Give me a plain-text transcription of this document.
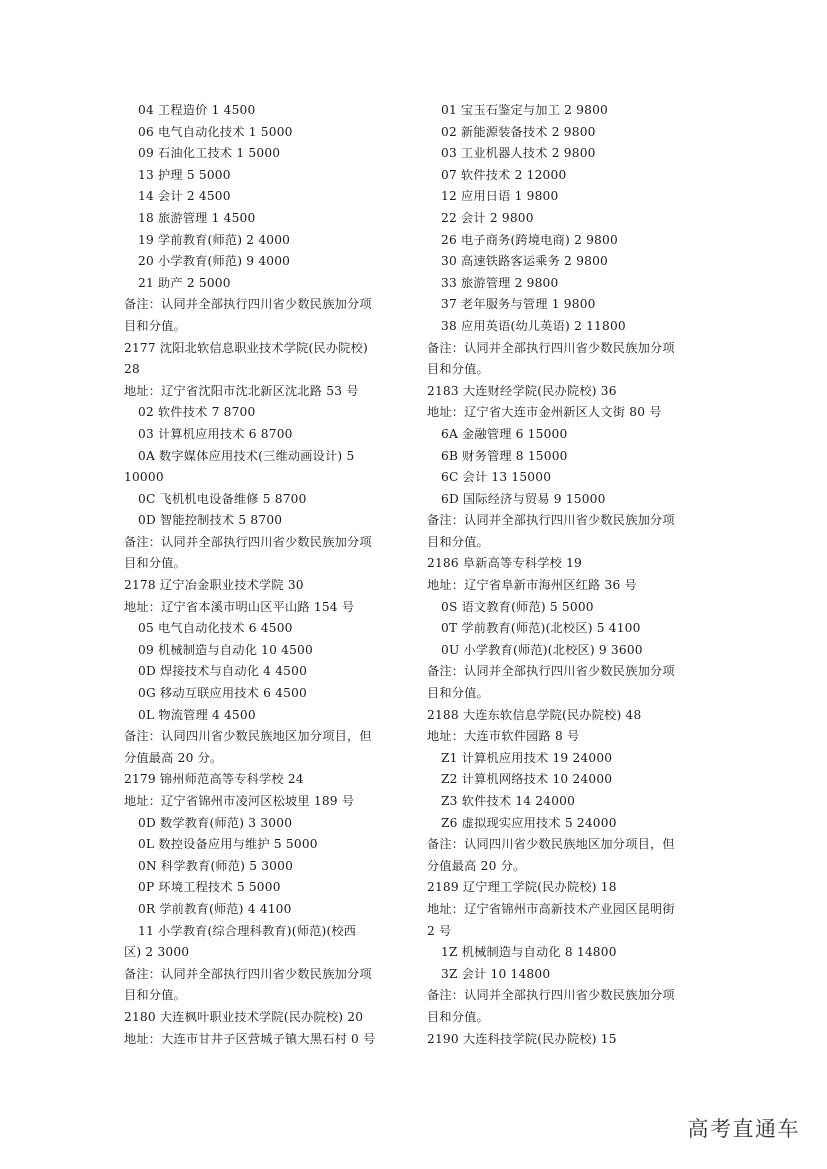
04 工程造价 1 4500
06 电气自动化技术 1 5000
09 石油化工技术 1 5000
13 护理 5 5000
14 会计 2 4500
18 旅游管理 1 4500
19 学前教育(师范) 2 4000
20 小学教育(师范) 9 4000
21 助产 2 5000
备注：认同并全部执行四川省少数民族加分项
目和分值。
2177 沈阳北软信息职业技术学院(民办院校)
28
地址：辽宁省沈阳市沈北新区沈北路 53 号
02 软件技术 7 8700
03 计算机应用技术 6 8700
0A 数字媒体应用技术(三维动画设计) 5
10000
0C 飞机机电设备维修 5 8700
0D 智能控制技术 5 8700
备注：认同并全部执行四川省少数民族加分项
目和分值。
2178 辽宁冶金职业技术学院 30
地址：辽宁省本溪市明山区平山路 154 号
05 电气自动化技术 6 4500
09 机械制造与自动化 10 4500
0D 焊接技术与自动化 4 4500
0G 移动互联应用技术 6 4500
0L 物流管理 4 4500
备注：认同四川省少数民族地区加分项目，但
分值最高 20 分。
2179 锦州师范高等专科学校 24
地址：辽宁省锦州市凌河区松坡里 189 号
0D 数学教育(师范) 3 3000
0L 数控设备应用与维护 5 5000
0N 科学教育(师范) 5 3000
0P 环境工程技术 5 5000
0R 学前教育(师范) 4 4100
11 小学教育(综合理科教育)(师范)(校西
区) 2 3000
备注：认同并全部执行四川省少数民族加分项
目和分值。
2180 大连枫叶职业技术学院(民办院校) 20
地址：大连市甘井子区营城子镇大黑石村 0 号
01 宝玉石鉴定与加工 2 9800
02 新能源装备技术 2 9800
03 工业机器人技术 2 9800
07 软件技术 2 12000
12 应用日语 1 9800
22 会计 2 9800
26 电子商务(跨境电商) 2 9800
30 高速铁路客运乘务 2 9800
33 旅游管理 2 9800
37 老年服务与管理 1 9800
38 应用英语(幼儿英语) 2 11800
备注：认同并全部执行四川省少数民族加分项
目和分值。
2183 大连财经学院(民办院校) 36
地址：辽宁省大连市金州新区人文街 80 号
6A 金融管理 6 15000
6B 财务管理 8 15000
6C 会计 13 15000
6D 国际经济与贸易 9 15000
备注：认同并全部执行四川省少数民族加分项
目和分值。
2186 阜新高等专科学校 19
地址：辽宁省阜新市海州区红路 36 号
0S 语文教育(师范) 5 5000
0T 学前教育(师范)(北校区) 5 4100
0U 小学教育(师范)(北校区) 9 3600
备注：认同并全部执行四川省少数民族加分项
目和分值。
2188 大连东软信息学院(民办院校) 48
地址：大连市软件园路 8 号
Z1 计算机应用技术 19 24000
Z2 计算机网络技术 10 24000
Z3 软件技术 14 24000
Z6 虚拟现实应用技术 5 24000
备注：认同四川省少数民族地区加分项目，但
分值最高 20 分。
2189 辽宁理工学院(民办院校) 18
地址：辽宁省锦州市高新技术产业园区昆明街
2 号
1Z 机械制造与自动化 8 14800
3Z 会计 10 14800
备注：认同并全部执行四川省少数民族加分项
目和分值。
2190 大连科技学院(民办院校) 15
高考直通车
